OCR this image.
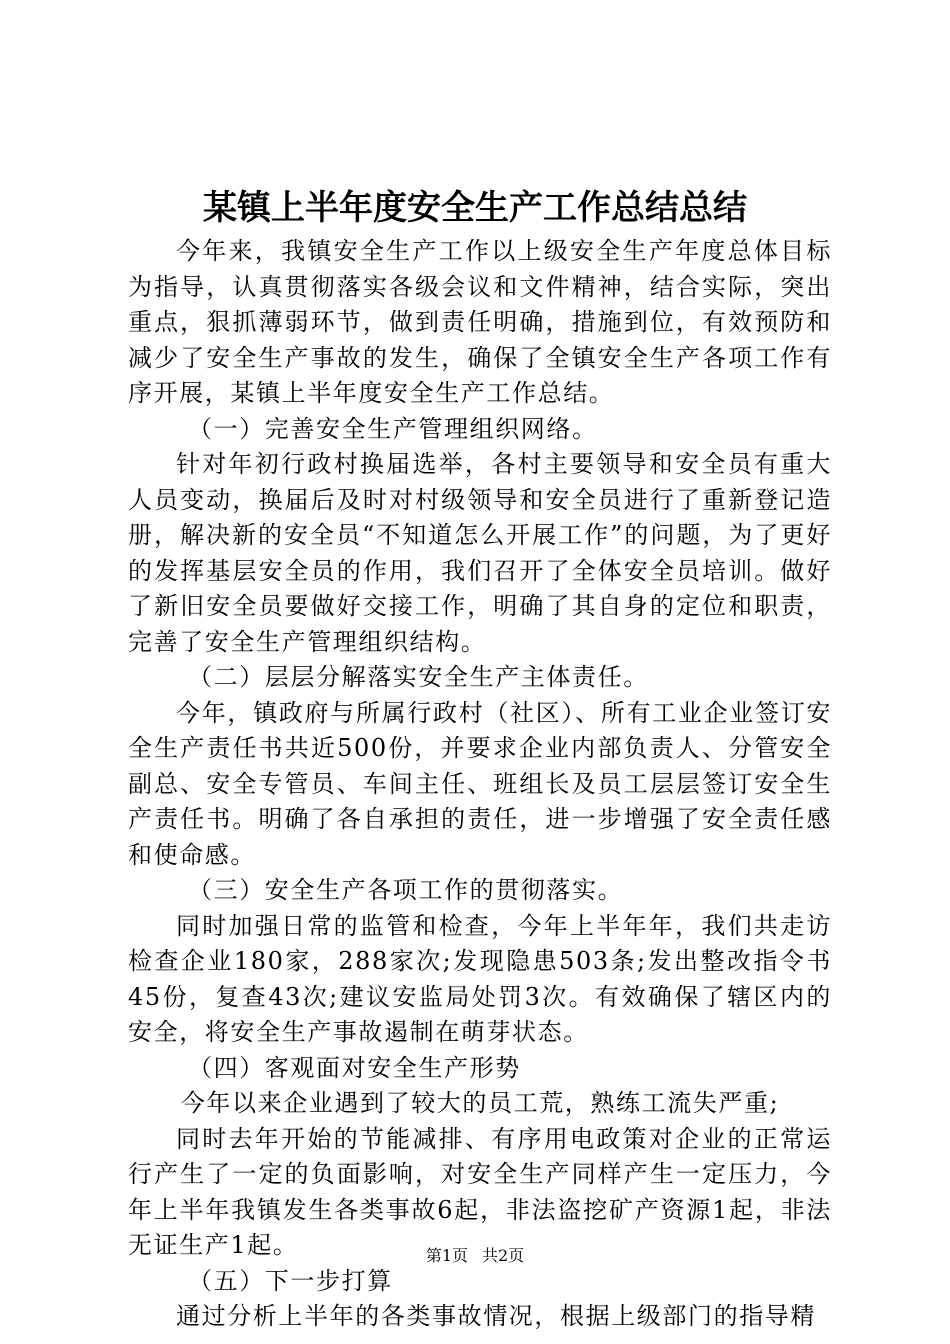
某镇上半年度安全生产工作总结总结

今年来，我镇安全生产工作以上级安全生产年度总体目标为指导，认真贯彻落实各级会议和文件精神，结合实际，突出重点，狠抓薄弱环节，做到责任明确，措施到位，有效预防和减少了安全生产事故的发生，确保了全镇安全生产各项工作有序开展，某镇上半年度安全生产工作总结。

（一）完善安全生产管理组织网络。

针对年初行政村换届选举，各村主要领导和安全员有重大人员变动，换届后及时对村级领导和安全员进行了重新登记造册，解决新的安全员“不知道怎么开展工作”的问题，为了更好的发挥基层安全员的作用，我们召开了全体安全员培训。做好了新旧安全员要做好交接工作，明确了其自身的定位和职责，完善了安全生产管理组织结构。

（二）层层分解落实安全生产主体责任。

今年，镇政府与所属行政村（社区）、所有工业企业签订安全生产责任书共近500份，并要求企业内部负责人、分管安全副总、安全专管员、车间主任、班组长及员工层层签订安全生产责任书。明确了各自承担的责任，进一步增强了安全责任感和使命感。

（三）安全生产各项工作的贯彻落实。

同时加强日常的监管和检查，今年上半年年，我们共走访检查企业180家，288家次;发现隐患503条;发出整改指令书45份，复查43次;建议安监局处罚3次。有效确保了辖区内的安全，将安全生产事故遏制在萌芽状态。

（四）客观面对安全生产形势

今年以来企业遇到了较大的员工荒，熟练工流失严重;

同时去年开始的节能减排、有序用电政策对企业的正常运行产生了一定的负面影响，对安全生产同样产生一定压力，今年上半年我镇发生各类事故6起，非法盗挖矿产资源1起，非法无证生产1起。

（五）下一步打算

通过分析上半年的各类事故情况，根据上级部门的指导精

第1页 共2页
